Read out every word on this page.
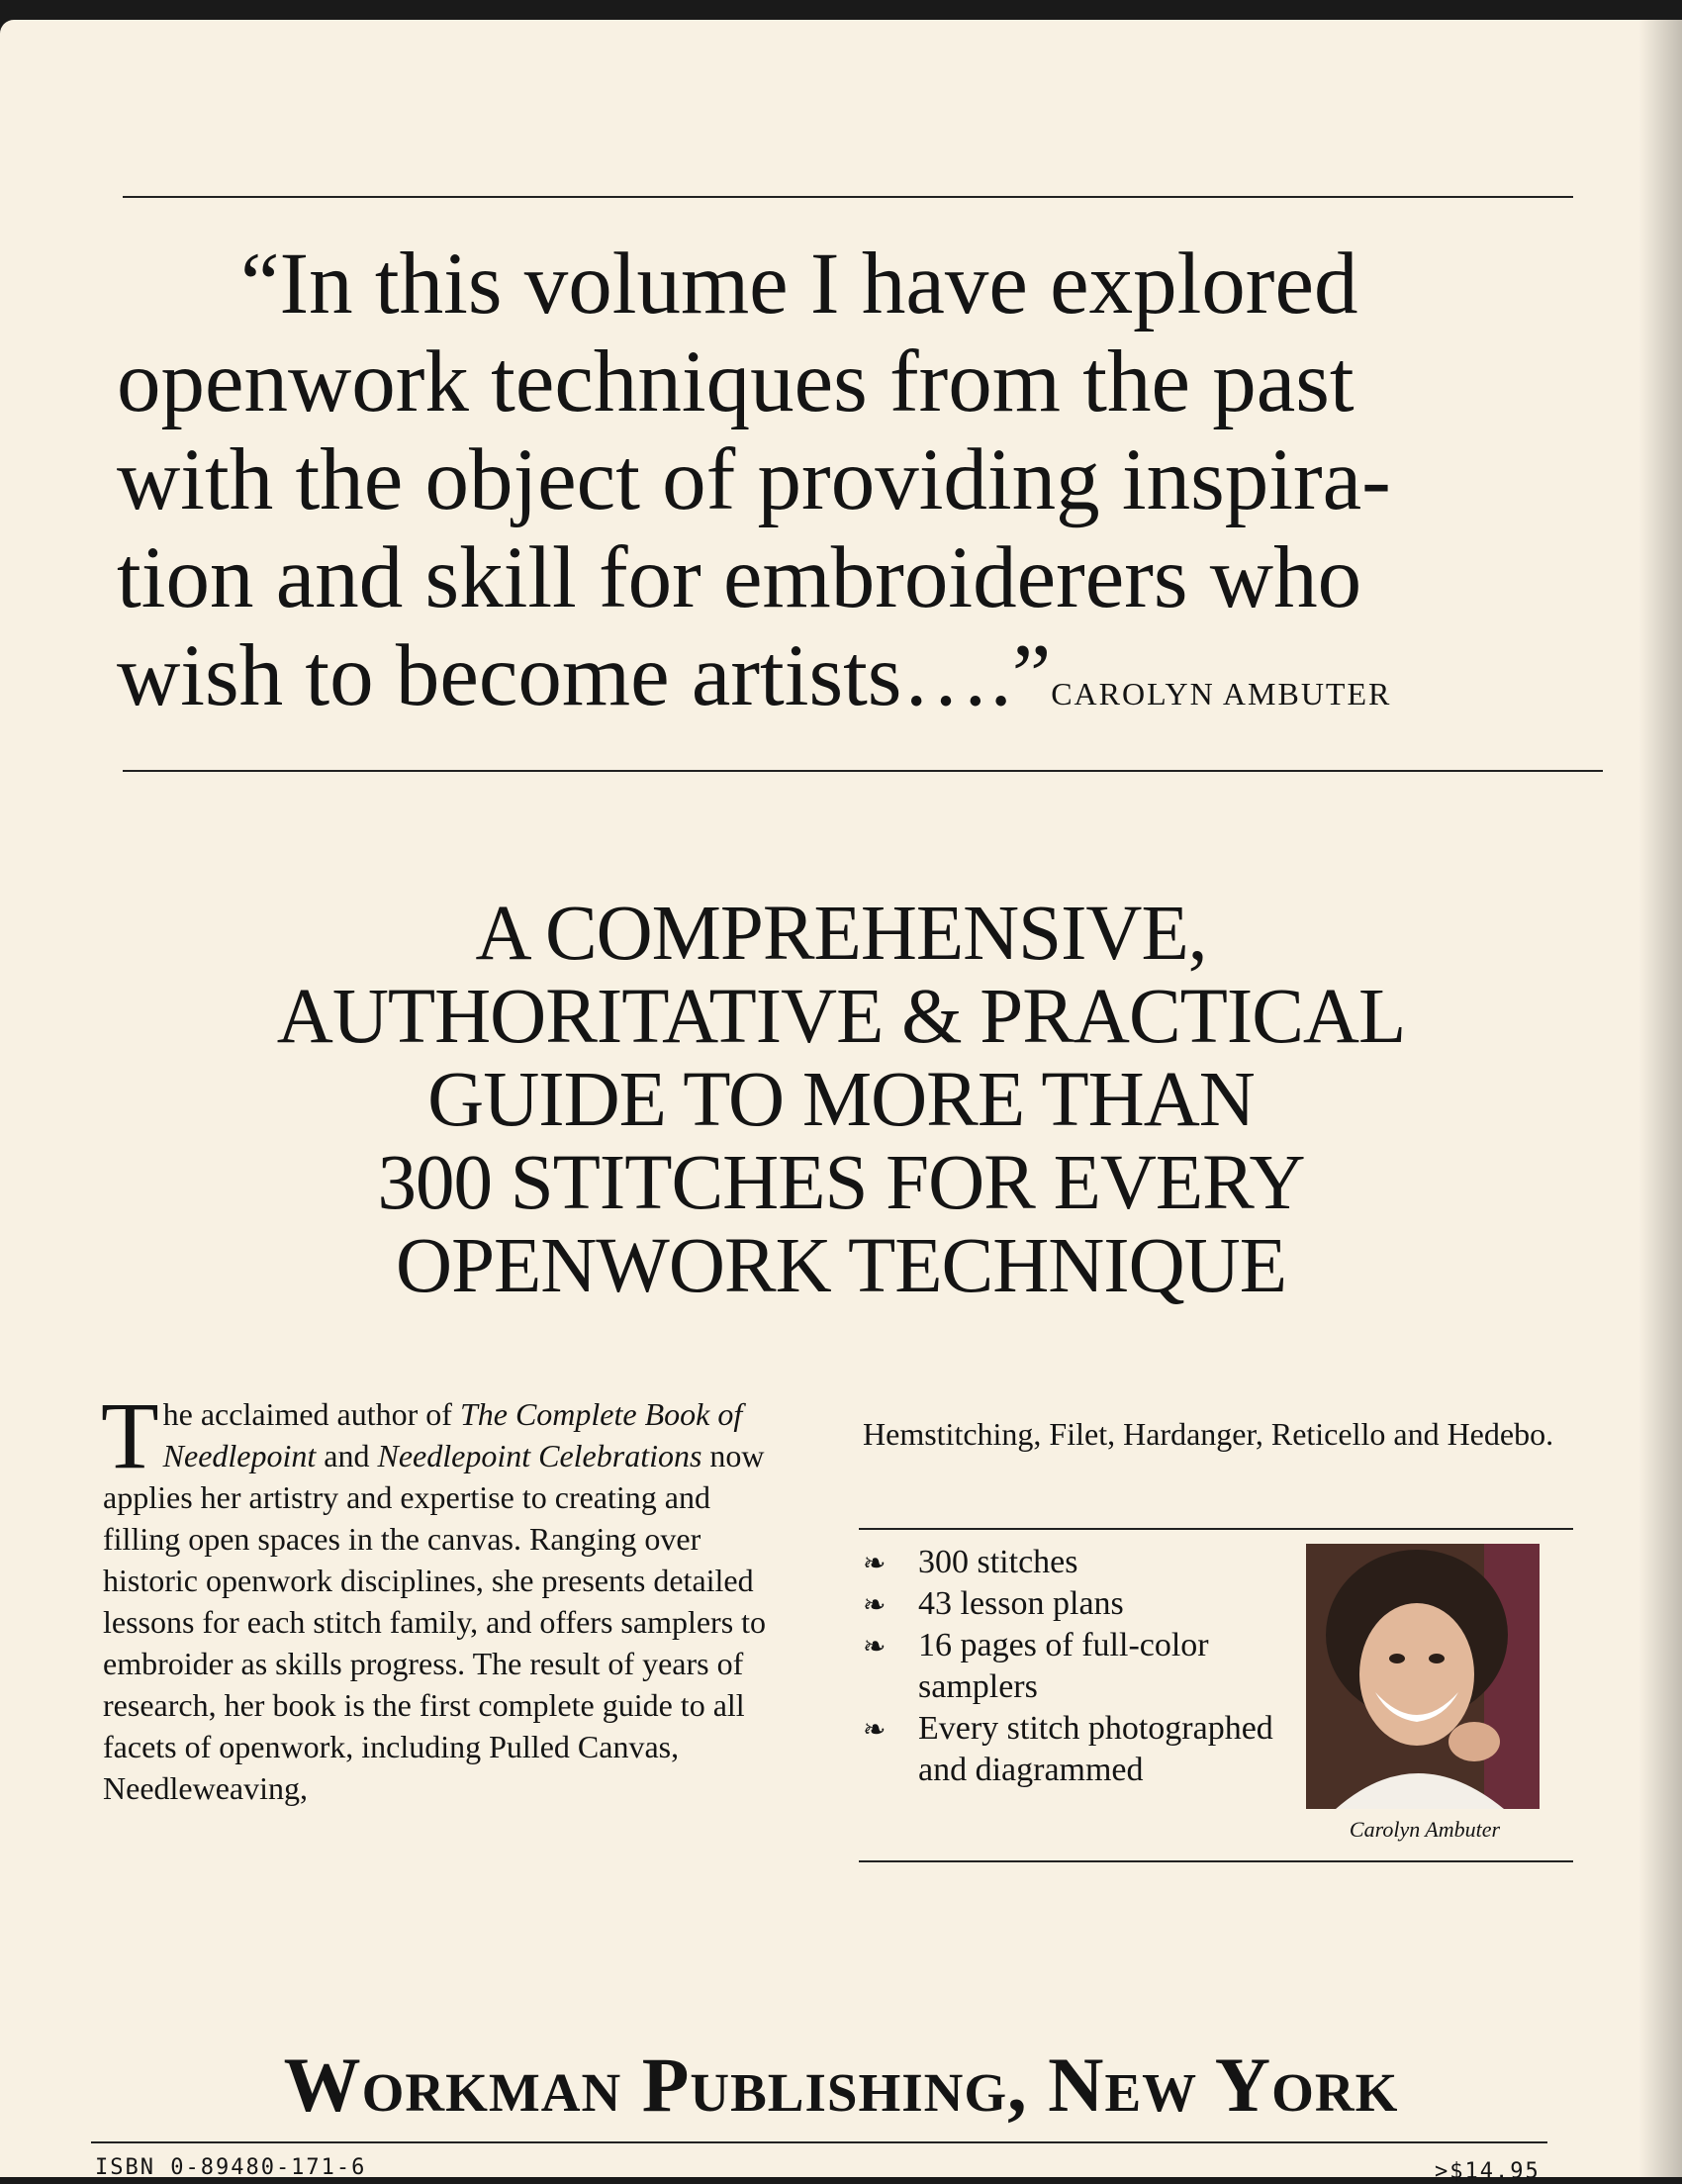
“In this volume I have explored
openwork techniques from the past
with the object of providing inspira-
tion and skill for embroiderers who
wish to become artists….”CAROLYN AMBUTER

A COMPREHENSIVE,
AUTHORITATIVE & PRACTICAL
GUIDE TO MORE THAN
300 STITCHES FOR EVERY
OPENWORK TECHNIQUE

The acclaimed author of The Complete Book of Needlepoint and Needlepoint Celebrations now applies her artistry and expertise to creating and filling open spaces in the canvas. Ranging over historic openwork disciplines, she presents detailed lessons for each stitch family, and offers samplers to embroider as skills progress. The result of years of research, her book is the first complete guide to all facets of openwork, including Pulled Canvas, Needleweaving,

Hemstitching, Filet, Hardanger, Reticello and Hedebo.

❧ 300 stitches
❧ 43 lesson plans
❧ 16 pages of full-color samplers
❧ Every stitch photographed and diagrammed
Carolyn Ambuter
Workman Publishing, New York
ISBN 0-89480-171-6	>$14.95
